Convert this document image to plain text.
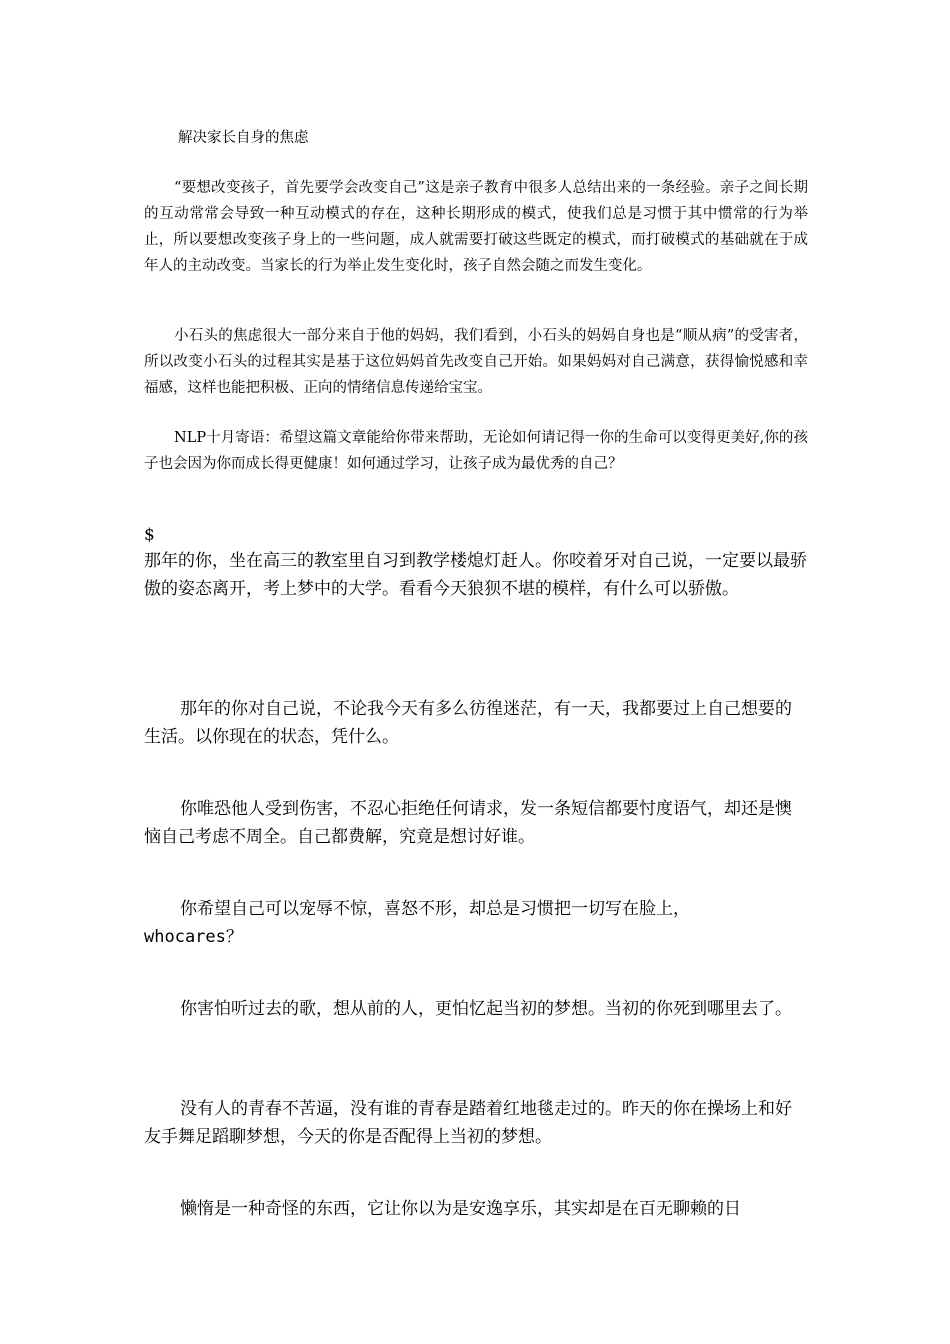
解决家长自身的焦虑

“要想改变孩子，首先要学会改变自己”这是亲子教育中很多人总结出来的一条经验。亲子之间长期的互动常常会导致一种互动模式的存在，这种长期形成的模式，使我们总是习惯于其中惯常的行为举止，所以要想改变孩子身上的一些问题，成人就需要打破这些既定的模式，而打破模式的基础就在于成年人的主动改变。当家长的行为举止发生变化时，孩子自然会随之而发生变化。

小石头的焦虑很大一部分来自于他的妈妈，我们看到，小石头的妈妈自身也是“顺从病”的受害者，所以改变小石头的过程其实是基于这位妈妈首先改变自己开始。如果妈妈对自己满意，获得愉悦感和幸福感，这样也能把积极、正向的情绪信息传递给宝宝。

NLP十月寄语：希望这篇文章能给你带来帮助，无论如何请记得一你的生命可以变得更美好,你的孩子也会因为你而成长得更健康！如何通过学习，让孩子成为最优秀的自己？

$

那年的你，坐在高三的教室里自习到教学楼熄灯赶人。你咬着牙对自己说，一定要以最骄傲的姿态离开，考上梦中的大学。看看今天狼狈不堪的模样，有什么可以骄傲。

那年的你对自己说，不论我今天有多么彷徨迷茫，有一天，我都要过上自己想要的生活。以你现在的状态，凭什么。

你唯恐他人受到伤害，不忍心拒绝任何请求，发一条短信都要忖度语气，却还是懊恼自己考虑不周全。自己都费解，究竟是想讨好谁。

你希望自己可以宠辱不惊，喜怒不形，却总是习惯把一切写在脸上，

whocares？

你害怕听过去的歌，想从前的人，更怕忆起当初的梦想。当初的你死到哪里去了。

没有人的青春不苦逼，没有谁的青春是踏着红地毯走过的。昨天的你在操场上和好友手舞足蹈聊梦想，今天的你是否配得上当初的梦想。

懒惰是一种奇怪的东西，它让你以为是安逸享乐，其实却是在百无聊赖的日
